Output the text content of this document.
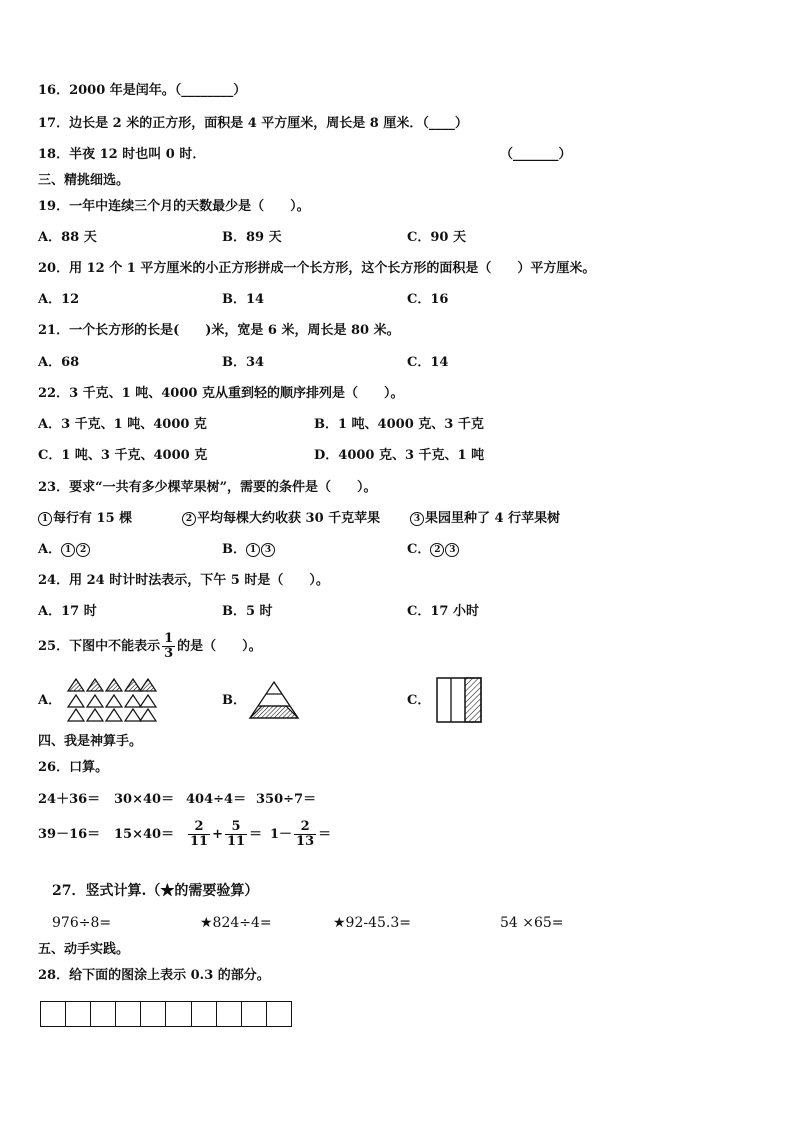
16．2000 年是闰年。（________）
17．边长是 2 米的正方形，面积是 4 平方厘米，周长是 8 厘米．（____）
18．半夜 12 时也叫 0 时．	（_______）
三、精挑细选。
19．一年中连续三个月的天数最少是（　　）。
A．88 天	B．89 天	C．90 天
20．用 12 个 1 平方厘米的小正方形拼成一个长方形，这个长方形的面积是（　　）平方厘米。
A．12	B．14	C．16
21．一个长方形的长是(　　)米，宽是 6 米，周长是 80 米。
A．68	B．34	C．14
22．3 千克、1 吨、4000 克从重到轻的顺序排列是（　　）。
A．3 千克、1 吨、4000 克	B．1 吨、4000 克、3 千克
C．1 吨、3 千克、4000 克	D．4000 克、3 千克、1 吨
23．要求“一共有多少棵苹果树”，需要的条件是（　　）。
1 每行有 15 棵	2 平均每棵大约收获 30 千克苹果	3 果园里种了 4 行苹果树
A． 1 2	B． 1 3	C． 2 3
24．用 24 时计时法表示，下午 5 时是（　　）。
A．17 时	B．5 时	C．17 小时
25．下图中不能表示 $\frac{1}{3}$ 的是（　　）。
A．	B．	C．
四、我是神算手。
26．口算。
24＋36＝ 30×40＝ 404÷4＝ 350÷7＝
$39-16= 15\times 40= \frac{2}{11} + \frac{5}{11} = 1- \frac{2}{13}$ ＝
27．竖式计算.（★的需要验算）
976÷8=	★824÷4=	★92-45.3=	54 ×65=
五、动手实践。
28．给下面的图涂上表示 0.3 的部分。
